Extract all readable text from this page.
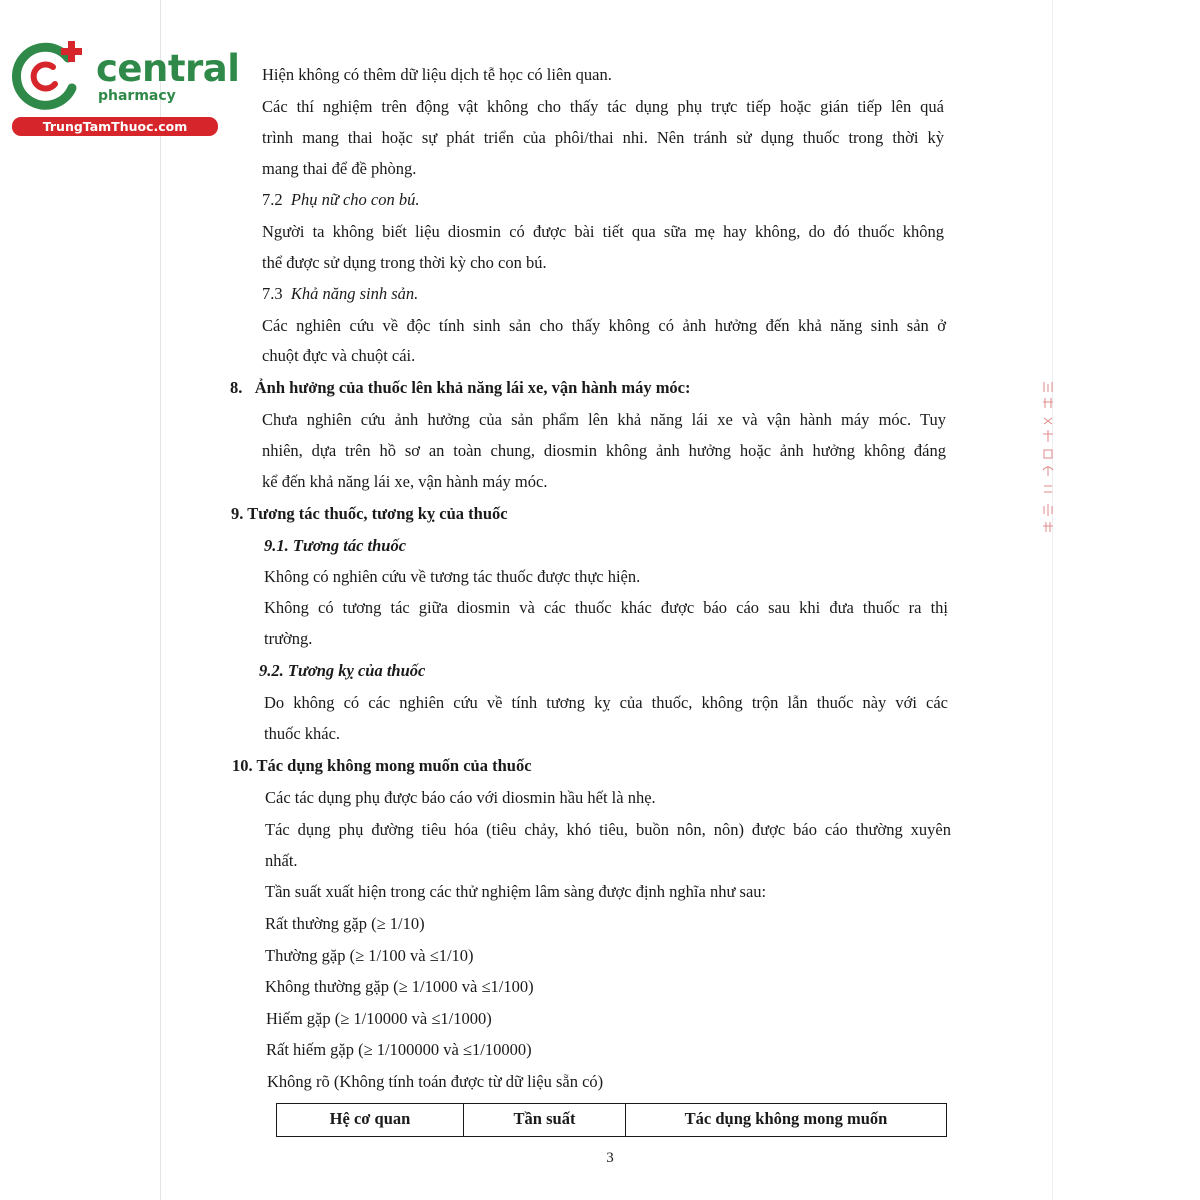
central
pharmacy
TrungTamThuoc.com
Hiện không có thêm dữ liệu dịch tễ học có liên quan.
Các thí nghiệm trên động vật không cho thấy tác dụng phụ trực tiếp hoặc gián tiếp lên quá
trình mang thai hoặc sự phát triển của phôi/thai nhi. Nên tránh sử dụng thuốc trong thời kỳ
mang thai để đề phòng.
7.2 Phụ nữ cho con bú.
Người ta không biết liệu diosmin có được bài tiết qua sữa mẹ hay không, do đó thuốc không
thể được sử dụng trong thời kỳ cho con bú.
7.3 Khả năng sinh sản.
Các nghiên cứu về độc tính sinh sản cho thấy không có ảnh hưởng đến khả năng sinh sản ở
chuột đực và chuột cái.
8.   Ảnh hưởng của thuốc lên khả năng lái xe, vận hành máy móc:
Chưa nghiên cứu ảnh hưởng của sản phẩm lên khả năng lái xe và vận hành máy móc. Tuy
nhiên, dựa trên hồ sơ an toàn chung, diosmin không ảnh hưởng hoặc ảnh hưởng không đáng
kể đến khả năng lái xe, vận hành máy móc.
9. Tương tác thuốc, tương kỵ của thuốc
9.1. Tương tác thuốc
Không có nghiên cứu về tương tác thuốc được thực hiện.
Không có tương tác giữa diosmin và các thuốc khác được báo cáo sau khi đưa thuốc ra thị
trường.
9.2. Tương kỵ của thuốc
Do không có các nghiên cứu về tính tương kỵ của thuốc, không trộn lẫn thuốc này với các
thuốc khác.
10. Tác dụng không mong muốn của thuốc
Các tác dụng phụ được báo cáo với diosmin hầu hết là nhẹ.
Tác dụng phụ đường tiêu hóa (tiêu chảy, khó tiêu, buồn nôn, nôn) được báo cáo thường xuyên
nhất.
Tần suất xuất hiện trong các thử nghiệm lâm sàng được định nghĩa như sau:
Rất thường gặp (≥ 1/10)
Thường gặp (≥ 1/100 và ≤1/10)
Không thường gặp (≥ 1/1000 và ≤1/100)
Hiếm gặp (≥ 1/10000 và ≤1/1000)
Rất hiếm gặp (≥ 1/100000 và ≤1/10000)
Không rõ (Không tính toán được từ dữ liệu sẵn có)
Hệ cơ quan	Tần suất	Tác dụng không mong muốn
3
